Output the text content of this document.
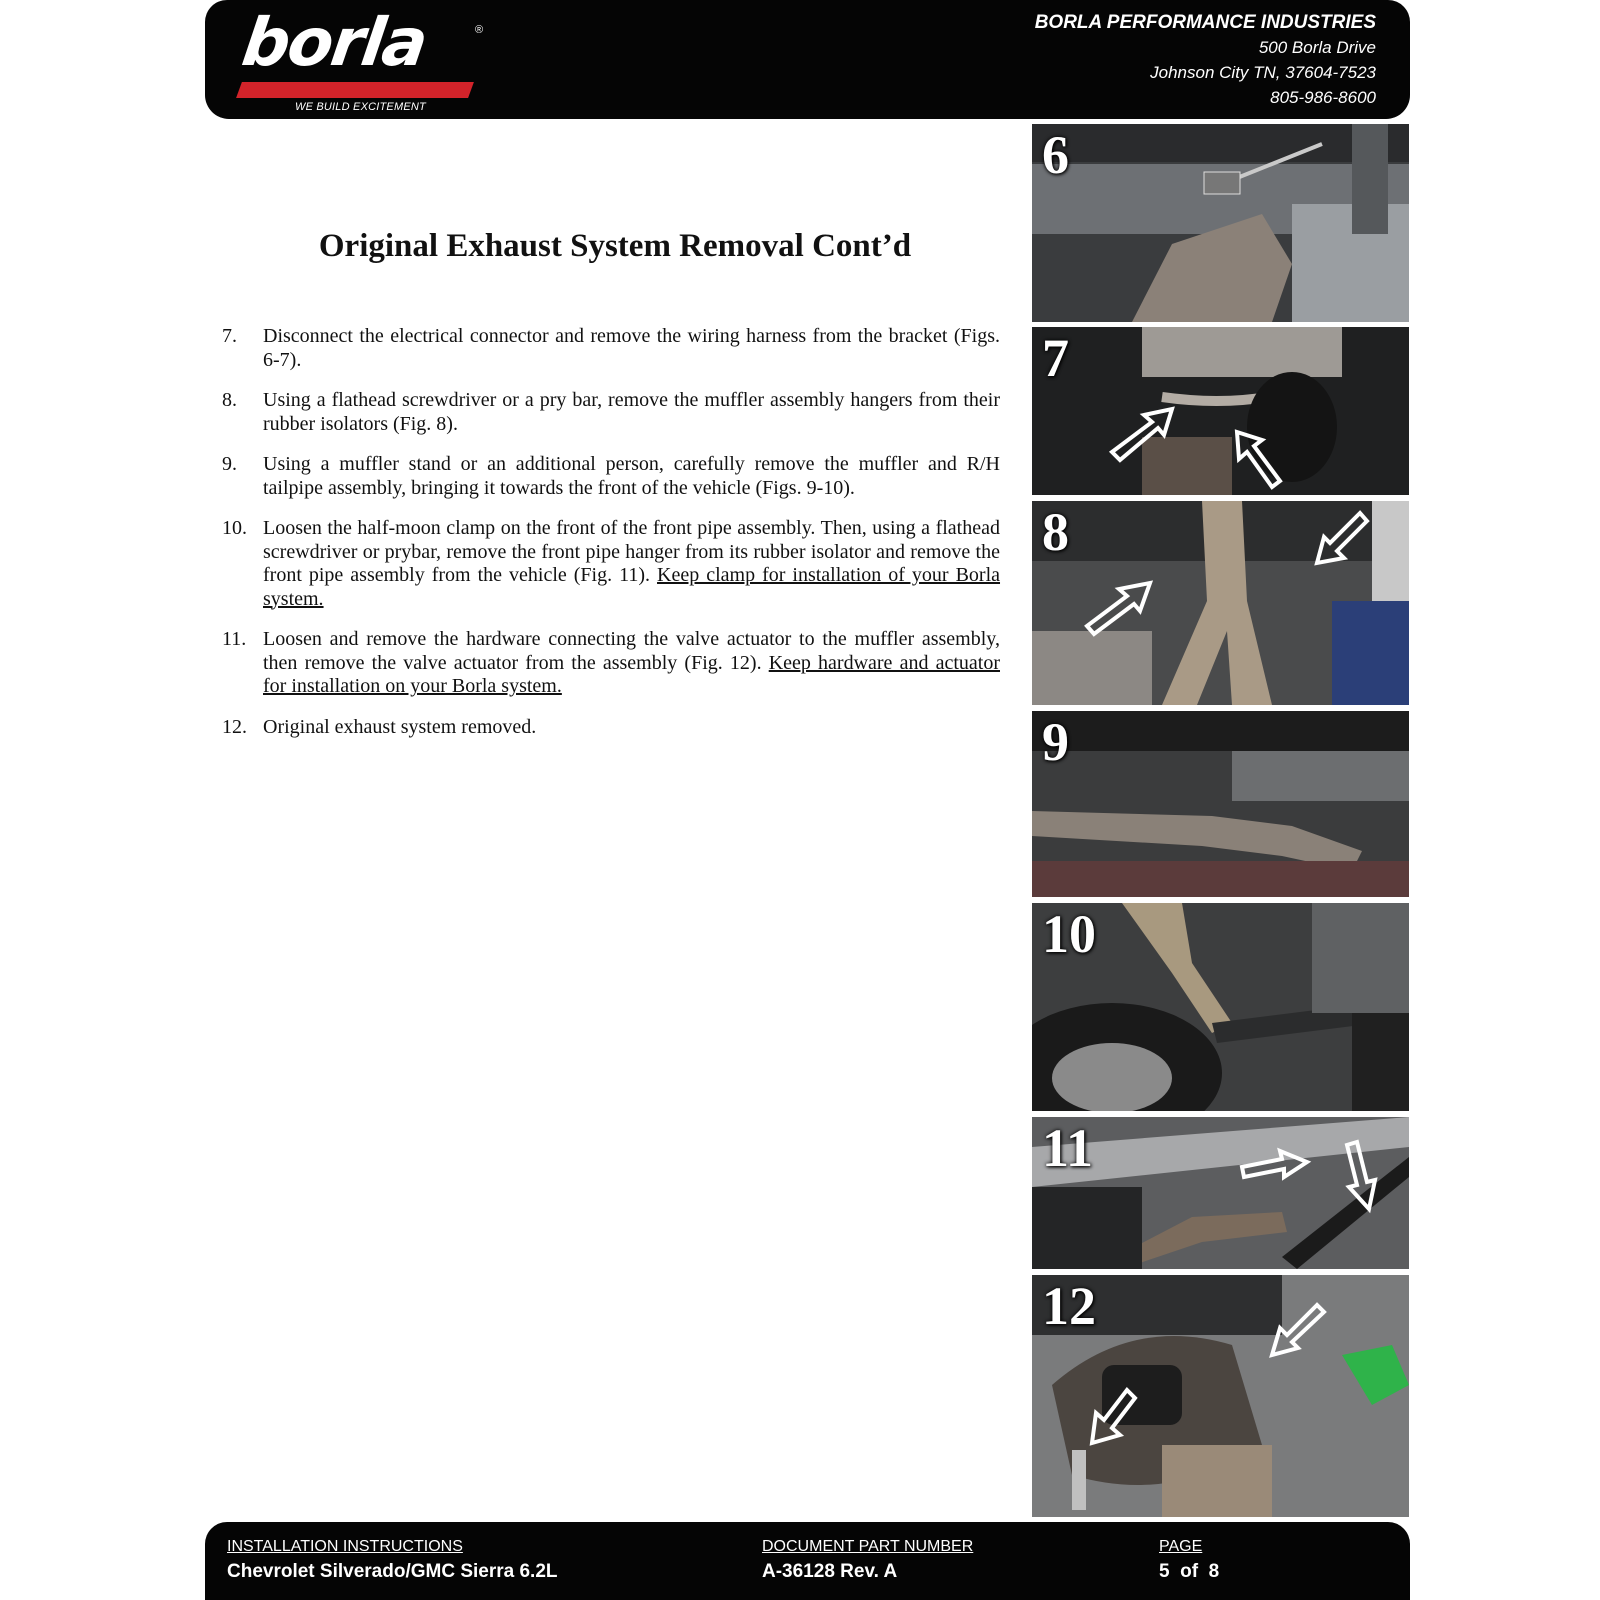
borla	®
WE BUILD EXCITEMENT
BORLA PERFORMANCE INDUSTRIES
500 Borla Drive
Johnson City TN, 37604-7523
805-986-8600
Original Exhaust System Removal Cont’d
7.	Disconnect the electrical connector and remove the wiring harness from the bracket (Figs. 6-7).
8.	Using a flathead screwdriver or a pry bar, remove the muffler assembly hangers from their rubber isolators (Fig. 8).
9.	Using a muffler stand or an additional person, carefully remove the muffler and R/H tailpipe assembly, bringing it towards the front of the vehicle (Figs. 9-10).
10. Loosen the half-moon clamp on the front of the front pipe assembly. Then, using a flathead screwdriver or prybar, remove the front pipe hanger from its rubber isolator and remove the front pipe assembly from the vehicle (Fig. 11). Keep clamp for installation of your Borla system.
11. Loosen and remove the hardware connecting the valve actuator to the muffler assembly, then remove the valve actuator from the assembly (Fig. 12). Keep hardware and actuator for installation on your Borla system.
12. Original exhaust system removed.
6
7
8
9
10
11
12
INSTALLATION INSTRUCTIONS
Chevrolet Silverado/GMC Sierra 6.2L
DOCUMENT PART NUMBER
A-36128 Rev. A
PAGE
5  of  8
